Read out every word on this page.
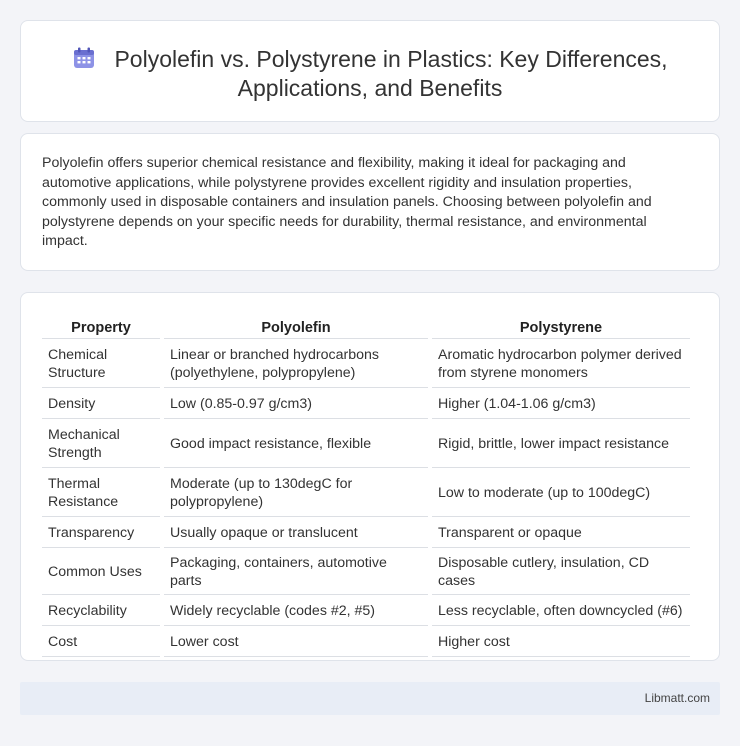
Polyolefin vs. Polystyrene in Plastics: Key Differences, Applications, and Benefits

Polyolefin offers superior chemical resistance and flexibility, making it ideal for packaging and automotive applications, while polystyrene provides excellent rigidity and insulation properties, commonly used in disposable containers and insulation panels. Choosing between polyolefin and polystyrene depends on your specific needs for durability, thermal resistance, and environmental impact.

Property	Polyolefin	Polystyrene
Chemical Structure	Linear or branched hydrocarbons (polyethylene, polypropylene)	Aromatic hydrocarbon polymer derived from styrene monomers
Density	Low (0.85-0.97 g/cm3)	Higher (1.04-1.06 g/cm3)
Mechanical Strength	Good impact resistance, flexible	Rigid, brittle, lower impact resistance
Thermal Resistance	Moderate (up to 130degC for polypropylene)	Low to moderate (up to 100degC)
Transparency	Usually opaque or translucent	Transparent or opaque
Common Uses	Packaging, containers, automotive parts	Disposable cutlery, insulation, CD cases
Recyclability	Widely recyclable (codes #2, #5)	Less recyclable, often downcycled (#6)
Cost	Lower cost	Higher cost
Libmatt.com
